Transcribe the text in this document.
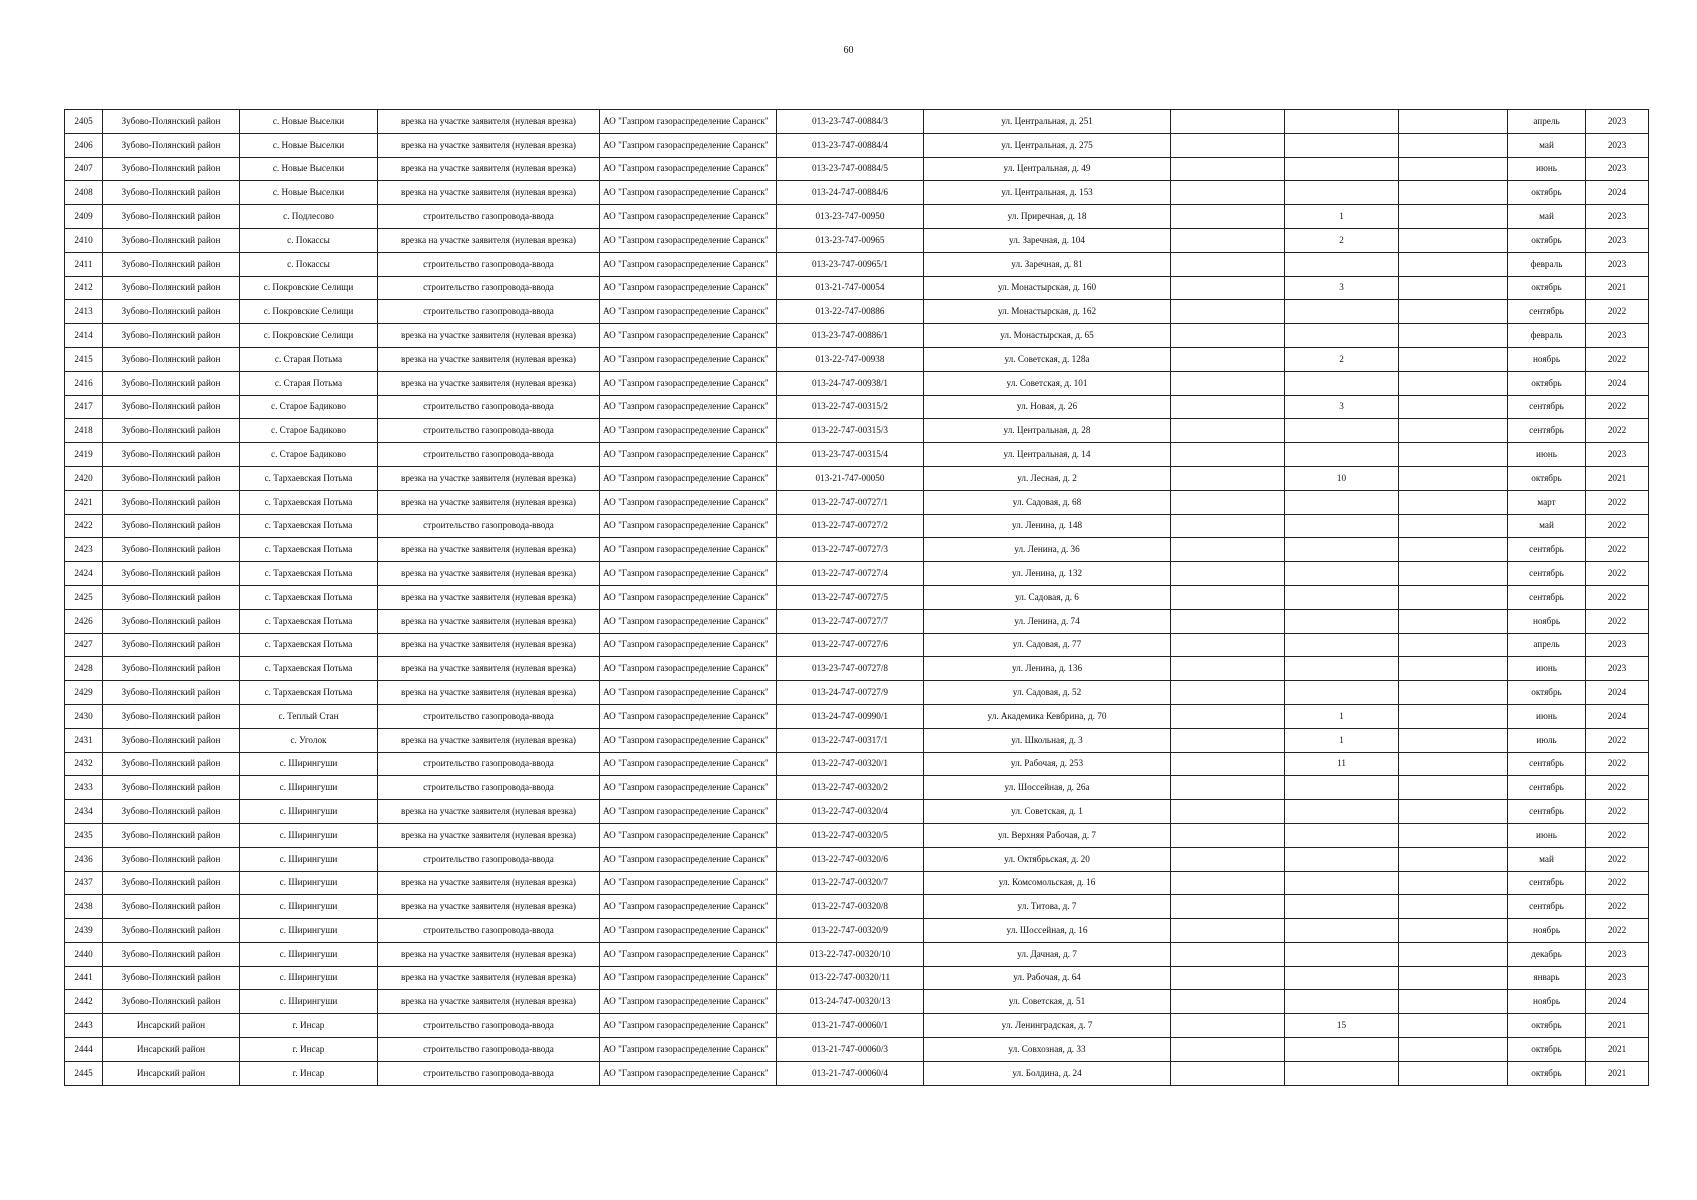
60
2405	Зубово-Полянский район	с. Новые Выселки	врезка на участке заявителя (нулевая врезка)	АО "Газпром газораспределение Саранск"	013-23-747-00884/3	ул. Центральная, д. 251				апрель	2023
2406	Зубово-Полянский район	с. Новые Выселки	врезка на участке заявителя (нулевая врезка)	АО "Газпром газораспределение Саранск"	013-23-747-00884/4	ул. Центральная, д. 275				май	2023
2407	Зубово-Полянский район	с. Новые Выселки	врезка на участке заявителя (нулевая врезка)	АО "Газпром газораспределение Саранск"	013-23-747-00884/5	ул. Центральная, д. 49				июнь	2023
2408	Зубово-Полянский район	с. Новые Выселки	врезка на участке заявителя (нулевая врезка)	АО "Газпром газораспределение Саранск"	013-24-747-00884/6	ул. Центральная, д. 153				октябрь	2024
2409	Зубово-Полянский район	с. Подлесово	строительство газопровода-ввода	АО "Газпром газораспределение Саранск"	013-23-747-00950	ул. Приречная, д. 18		1		май	2023
2410	Зубово-Полянский район	с. Покассы	врезка на участке заявителя (нулевая врезка)	АО "Газпром газораспределение Саранск"	013-23-747-00965	ул. Заречная, д. 104		2		октябрь	2023
2411	Зубово-Полянский район	с. Покассы	строительство газопровода-ввода	АО "Газпром газораспределение Саранск"	013-23-747-00965/1	ул. Заречная, д. 81				февраль	2023
2412	Зубово-Полянский район	с. Покровские Селищи	строительство газопровода-ввода	АО "Газпром газораспределение Саранск"	013-21-747-00054	ул. Монастырская, д. 160		3		октябрь	2021
2413	Зубово-Полянский район	с. Покровские Селищи	строительство газопровода-ввода	АО "Газпром газораспределение Саранск"	013-22-747-00886	ул. Монастырская, д. 162				сентябрь	2022
2414	Зубово-Полянский район	с. Покровские Селищи	врезка на участке заявителя (нулевая врезка)	АО "Газпром газораспределение Саранск"	013-23-747-00886/1	ул. Монастырская, д. 65				февраль	2023
2415	Зубово-Полянский район	с. Старая Потьма	врезка на участке заявителя (нулевая врезка)	АО "Газпром газораспределение Саранск"	013-22-747-00938	ул. Советская, д. 128а		2		ноябрь	2022
2416	Зубово-Полянский район	с. Старая Потьма	врезка на участке заявителя (нулевая врезка)	АО "Газпром газораспределение Саранск"	013-24-747-00938/1	ул. Советская, д. 101				октябрь	2024
2417	Зубово-Полянский район	с. Старое Бадиково	строительство газопровода-ввода	АО "Газпром газораспределение Саранск"	013-22-747-00315/2	ул. Новая, д. 26		3		сентябрь	2022
2418	Зубово-Полянский район	с. Старое Бадиково	строительство газопровода-ввода	АО "Газпром газораспределение Саранск"	013-22-747-00315/3	ул. Центральная, д. 28				сентябрь	2022
2419	Зубово-Полянский район	с. Старое Бадиково	строительство газопровода-ввода	АО "Газпром газораспределение Саранск"	013-23-747-00315/4	ул. Центральная, д. 14				июнь	2023
2420	Зубово-Полянский район	с. Тархаевская Потьма	врезка на участке заявителя (нулевая врезка)	АО "Газпром газораспределение Саранск"	013-21-747-00050	ул. Лесная, д. 2		10		октябрь	2021
2421	Зубово-Полянский район	с. Тархаевская Потьма	врезка на участке заявителя (нулевая врезка)	АО "Газпром газораспределение Саранск"	013-22-747-00727/1	ул. Садовая, д. 68				март	2022
2422	Зубово-Полянский район	с. Тархаевская Потьма	строительство газопровода-ввода	АО "Газпром газораспределение Саранск"	013-22-747-00727/2	ул. Ленина, д. 148				май	2022
2423	Зубово-Полянский район	с. Тархаевская Потьма	врезка на участке заявителя (нулевая врезка)	АО "Газпром газораспределение Саранск"	013-22-747-00727/3	ул. Ленина, д. 36				сентябрь	2022
2424	Зубово-Полянский район	с. Тархаевская Потьма	врезка на участке заявителя (нулевая врезка)	АО "Газпром газораспределение Саранск"	013-22-747-00727/4	ул. Ленина, д. 132				сентябрь	2022
2425	Зубово-Полянский район	с. Тархаевская Потьма	врезка на участке заявителя (нулевая врезка)	АО "Газпром газораспределение Саранск"	013-22-747-00727/5	ул. Садовая, д. 6				сентябрь	2022
2426	Зубово-Полянский район	с. Тархаевская Потьма	врезка на участке заявителя (нулевая врезка)	АО "Газпром газораспределение Саранск"	013-22-747-00727/7	ул. Ленина, д. 74				ноябрь	2022
2427	Зубово-Полянский район	с. Тархаевская Потьма	врезка на участке заявителя (нулевая врезка)	АО "Газпром газораспределение Саранск"	013-22-747-00727/6	ул. Садовая, д. 77				апрель	2023
2428	Зубово-Полянский район	с. Тархаевская Потьма	врезка на участке заявителя (нулевая врезка)	АО "Газпром газораспределение Саранск"	013-23-747-00727/8	ул. Ленина, д. 136				июнь	2023
2429	Зубово-Полянский район	с. Тархаевская Потьма	врезка на участке заявителя (нулевая врезка)	АО "Газпром газораспределение Саранск"	013-24-747-00727/9	ул. Садовая, д. 52				октябрь	2024
2430	Зубово-Полянский район	с. Теплый Стан	строительство газопровода-ввода	АО "Газпром газораспределение Саранск"	013-24-747-00990/1	ул. Академика Кевбрина, д. 70		1		июнь	2024
2431	Зубово-Полянский район	с. Уголок	врезка на участке заявителя (нулевая врезка)	АО "Газпром газораспределение Саранск"	013-22-747-00317/1	ул. Школьная, д. 3		1		июль	2022
2432	Зубово-Полянский район	с. Ширингуши	строительство газопровода-ввода	АО "Газпром газораспределение Саранск"	013-22-747-00320/1	ул. Рабочая, д. 253		11		сентябрь	2022
2433	Зубово-Полянский район	с. Ширингуши	строительство газопровода-ввода	АО "Газпром газораспределение Саранск"	013-22-747-00320/2	ул. Шоссейная, д. 26а				сентябрь	2022
2434	Зубово-Полянский район	с. Ширингуши	врезка на участке заявителя (нулевая врезка)	АО "Газпром газораспределение Саранск"	013-22-747-00320/4	ул. Советская, д. 1				сентябрь	2022
2435	Зубово-Полянский район	с. Ширингуши	врезка на участке заявителя (нулевая врезка)	АО "Газпром газораспределение Саранск"	013-22-747-00320/5	ул. Верхняя Рабочая, д. 7				июнь	2022
2436	Зубово-Полянский район	с. Ширингуши	строительство газопровода-ввода	АО "Газпром газораспределение Саранск"	013-22-747-00320/6	ул. Октябрьская, д. 20				май	2022
2437	Зубово-Полянский район	с. Ширингуши	врезка на участке заявителя (нулевая врезка)	АО "Газпром газораспределение Саранск"	013-22-747-00320/7	ул. Комсомольская, д. 16				сентябрь	2022
2438	Зубово-Полянский район	с. Ширингуши	врезка на участке заявителя (нулевая врезка)	АО "Газпром газораспределение Саранск"	013-22-747-00320/8	ул. Титова, д. 7				сентябрь	2022
2439	Зубово-Полянский район	с. Ширингуши	строительство газопровода-ввода	АО "Газпром газораспределение Саранск"	013-22-747-00320/9	ул. Шоссейная, д. 16				ноябрь	2022
2440	Зубово-Полянский район	с. Ширингуши	врезка на участке заявителя (нулевая врезка)	АО "Газпром газораспределение Саранск"	013-22-747-00320/10	ул. Дачная, д. 7				декабрь	2023
2441	Зубово-Полянский район	с. Ширингуши	врезка на участке заявителя (нулевая врезка)	АО "Газпром газораспределение Саранск"	013-22-747-00320/11	ул. Рабочая, д. 64				январь	2023
2442	Зубово-Полянский район	с. Ширингуши	врезка на участке заявителя (нулевая врезка)	АО "Газпром газораспределение Саранск"	013-24-747-00320/13	ул. Советская, д. 51				ноябрь	2024
2443	Инсарский район	г. Инсар	строительство газопровода-ввода	АО "Газпром газораспределение Саранск"	013-21-747-00060/1	ул. Ленинградская, д. 7		15		октябрь	2021
2444	Инсарский район	г. Инсар	строительство газопровода-ввода	АО "Газпром газораспределение Саранск"	013-21-747-00060/3	ул. Совхозная, д. 33				октябрь	2021
2445	Инсарский район	г. Инсар	строительство газопровода-ввода	АО "Газпром газораспределение Саранск"	013-21-747-00060/4	ул. Болдина, д. 24				октябрь	2021
